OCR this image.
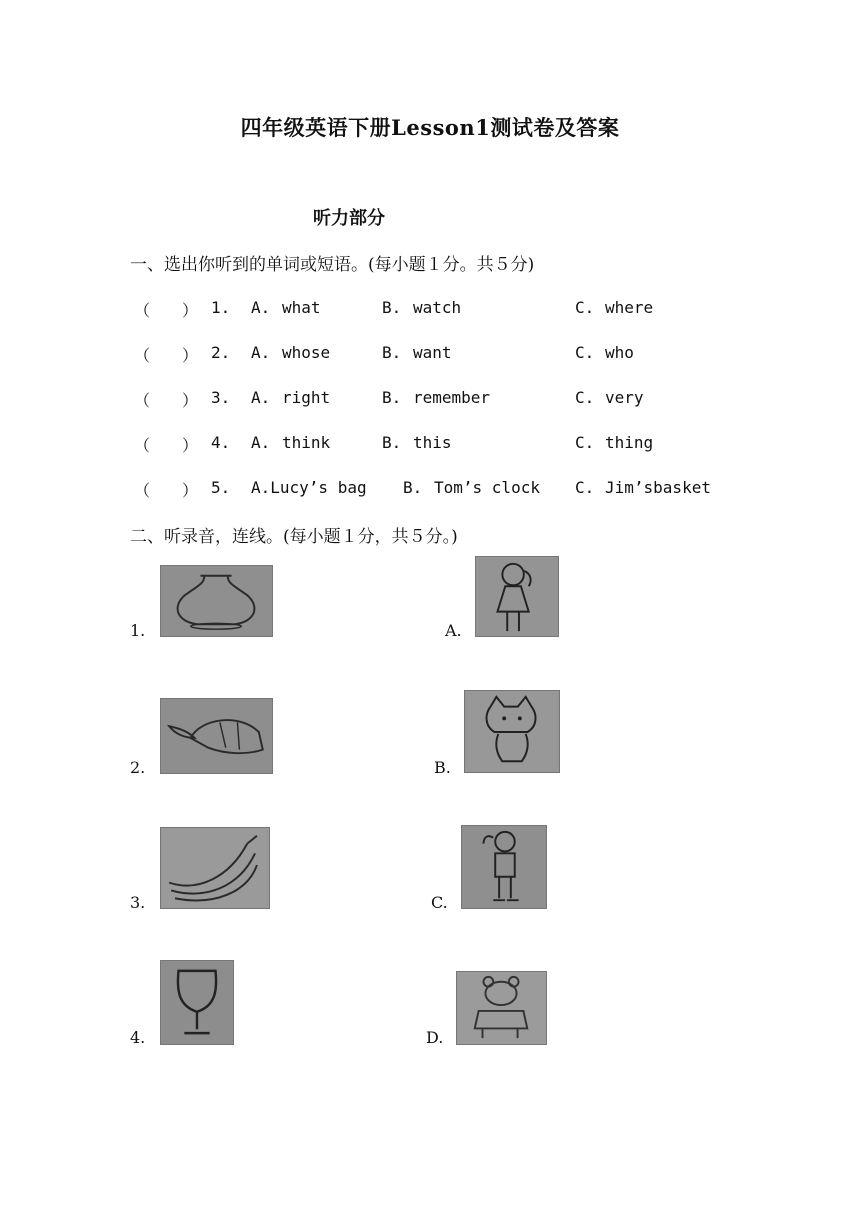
四年级英语下册Lesson1测试卷及答案
听力部分
一、选出你听到的单词或短语。(每小题１分。共５分)
（　　） 1. A. what	B. watch	C. where
（　　） 2. A. whose	B. want	C. who
（　　） 3. A. right	B. remember	C. very
（　　） 4. A. think	B. this	C. thing
（　　） 5. A.Lucy’s bag B. Tom’s clock C. Jim’sbasket
二、听录音，连线。(每小题１分，共５分。)
1.
2.
3.
4.
A.
B.
C.
D.
